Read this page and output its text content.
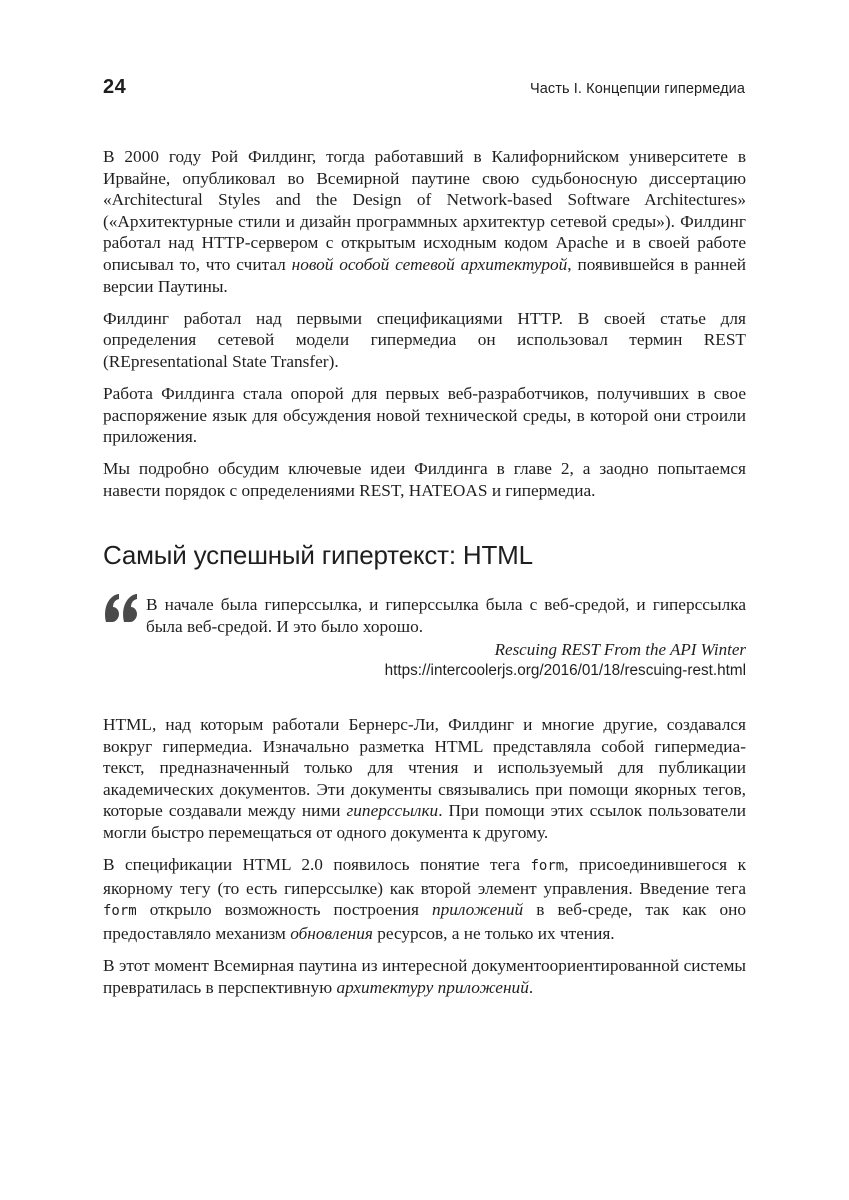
24	Часть I. Концепции гипермедиа

В 2000 году Рой Филдинг, тогда работавший в Калифорнийском университете в Ирвайне, опубликовал во Всемирной паутине свою судьбоносную диссертацию «Architectural Styles and the Design of Network-based Software Architectures» («Архитектурные стили и дизайн программных архитектур сетевой среды»). Филдинг работал над HTTP-сервером с открытым исходным кодом Apache и в своей работе описывал то, что считал новой особой сетевой архитектурой, появившейся в ранней версии Паутины.

Филдинг работал над первыми спецификациями HTTP. В своей статье для определения сетевой модели гипермедиа он использовал термин REST (REpresentational State Transfer).

Работа Филдинга стала опорой для первых веб-разработчиков, получивших в свое распоряжение язык для обсуждения новой технической среды, в которой они строили приложения.

Мы подробно обсудим ключевые идеи Филдинга в главе 2, а заодно попытаемся навести порядок с определениями REST, HATEOAS и гипермедиа.

Самый успешный гипертекст: HTML
В начале была гиперссылка, и гиперссылка была с веб-средой, и гиперссылка была веб-средой. И это было хорошо.
Rescuing REST From the API Winter
https://intercoolerjs.org/2016/01/18/rescuing-rest.html

HTML, над которым работали Бернерс-Ли, Филдинг и многие другие, создавался вокруг гипермедиа. Изначально разметка HTML представляла собой гипермедиа-текст, предназначенный только для чтения и используемый для публикации академических документов. Эти документы связывались при помощи якорных тегов, которые создавали между ними гиперссылки. При помощи этих ссылок пользователи могли быстро перемещаться от одного документа к другому.

В спецификации HTML 2.0 появилось понятие тега form, присоединившегося к якорному тегу (то есть гиперссылке) как второй элемент управления. Введение тега form открыло возможность построения приложений в веб-среде, так как оно предоставляло механизм обновления ресурсов, а не только их чтения.

В этот момент Всемирная паутина из интересной документоориентированной системы превратилась в перспективную архитектуру приложений.
